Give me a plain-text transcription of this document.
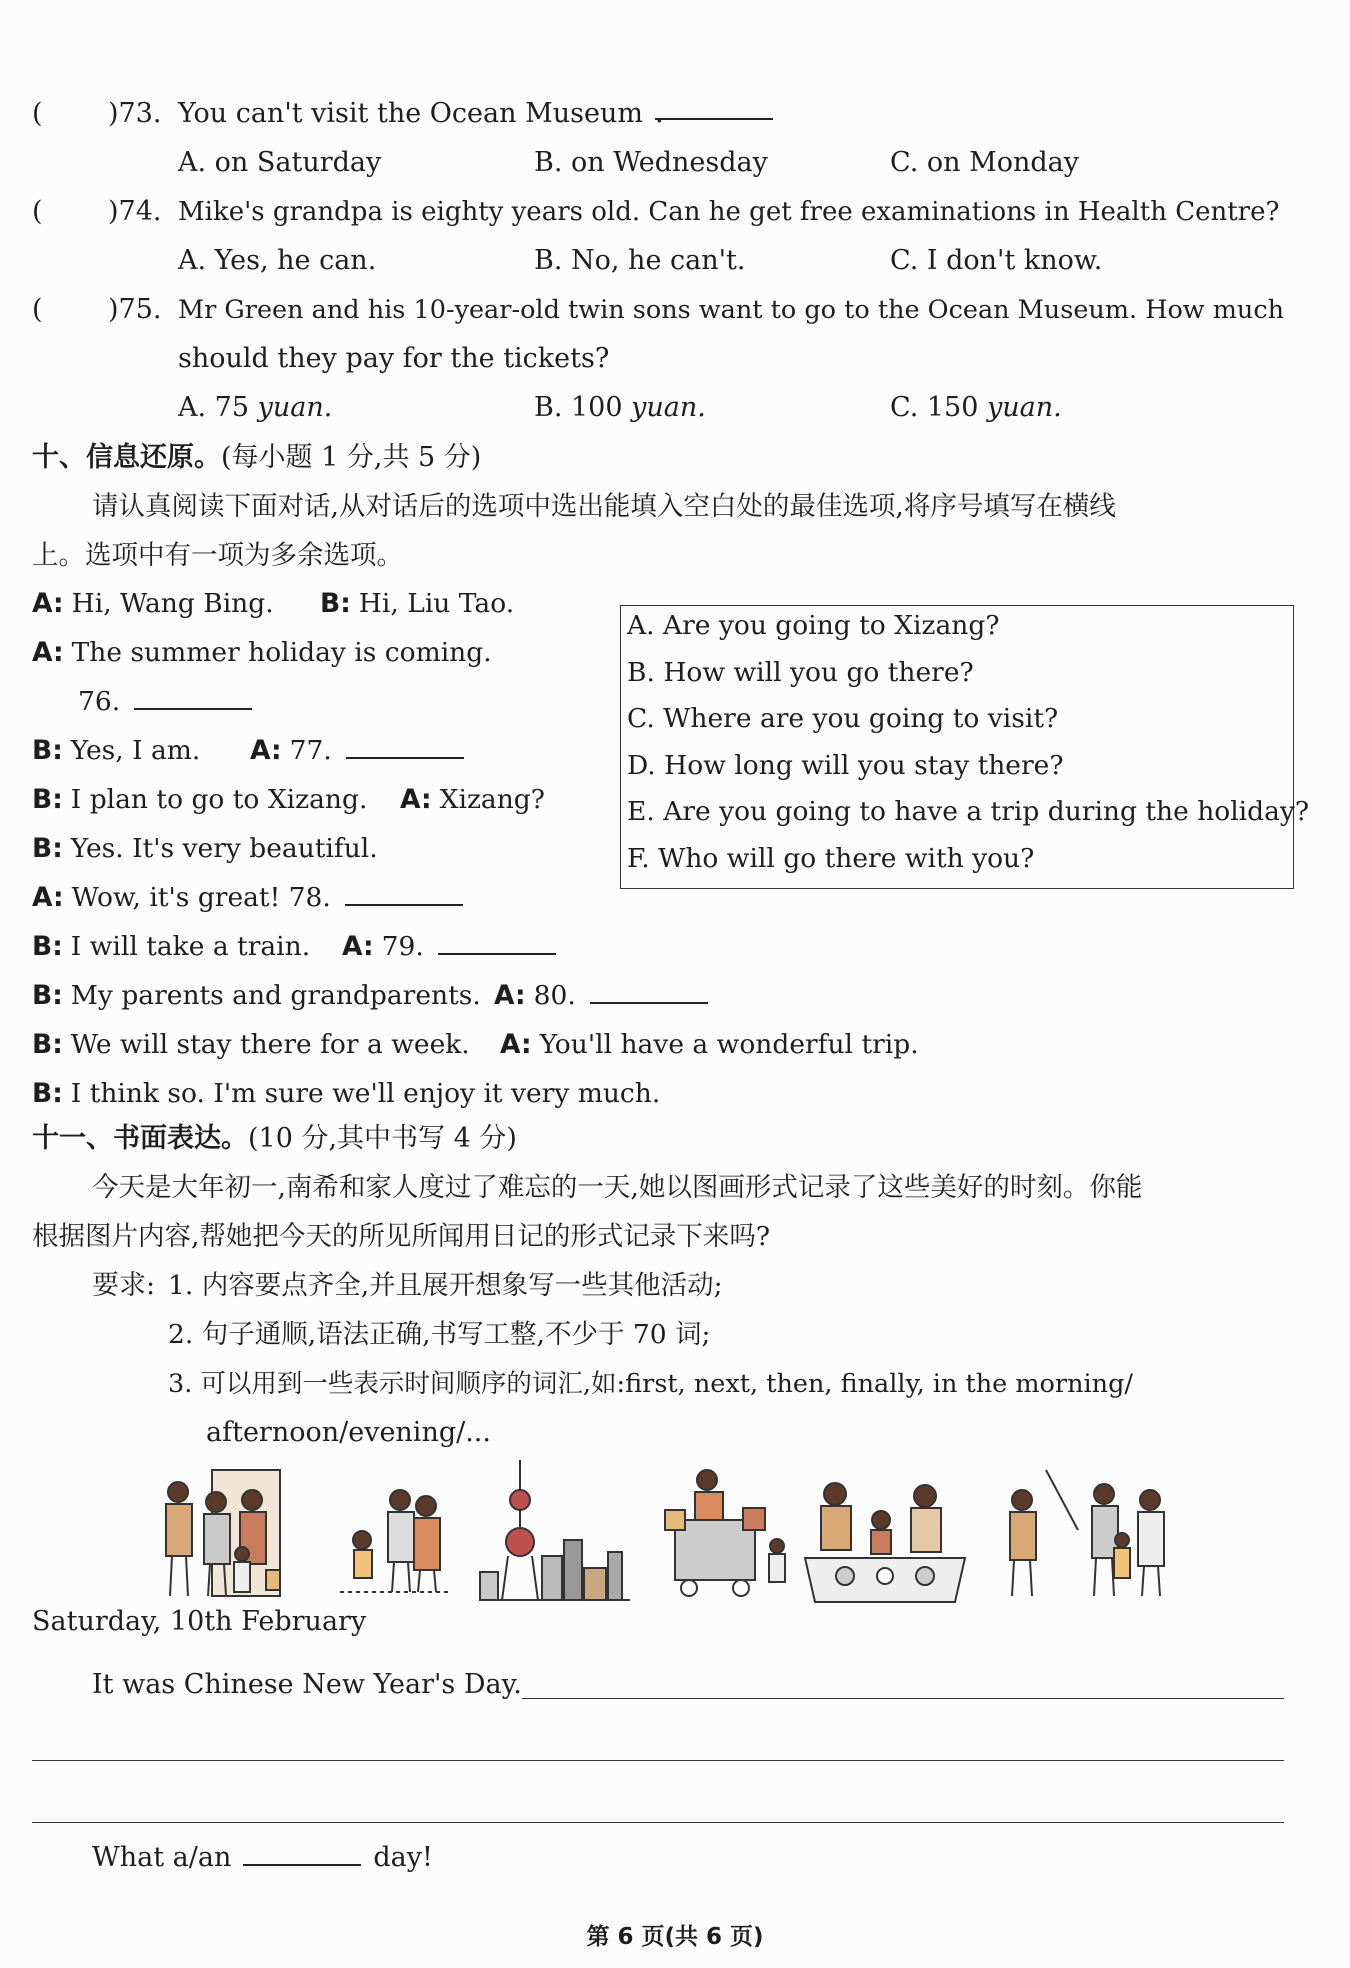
( )73. You can't visit the Ocean Museum.
A. on Saturday	B. on Wednesday	C. on Monday
( )74. Mike's grandpa is eighty years old. Can he get free examinations in Health Centre?
A. Yes, he can.	B. No, he can't.	C. I don't know.
( )75. Mr Green and his 10-year-old twin sons want to go to the Ocean Museum. How much
should they pay for the tickets?
A. 75 yuan.	B. 100 yuan.	C. 150 yuan.
十、信息还原。(每小题 1 分,共 5 分)
请认真阅读下面对话,从对话后的选项中选出能填入空白处的最佳选项,将序号填写在横线
上。选项中有一项为多余选项。
A: Hi, Wang Bing. B: Hi, Liu Tao.
A: The summer holiday is coming.
76.
B: Yes, I am. A: 77.
B: I plan to go to Xizang. A: Xizang?
B: Yes. It's very beautiful.
A: Wow, it's great! 78.
B: I will take a train. A: 79.
B: My parents and grandparents. A: 80.
B: We will stay there for a week. A: You'll have a wonderful trip.
B: I think so. I'm sure we'll enjoy it very much.
A. Are you going to Xizang?
B. How will you go there?
C. Where are you going to visit?
D. How long will you stay there?
E. Are you going to have a trip during the holiday?
F. Who will go there with you?
十一、书面表达。(10 分,其中书写 4 分)
今天是大年初一,南希和家人度过了难忘的一天,她以图画形式记录了这些美好的时刻。你能
根据图片内容,帮她把今天的所见所闻用日记的形式记录下来吗?
要求: 1. 内容要点齐全,并且展开想象写一些其他活动;
2. 句子通顺,语法正确,书写工整,不少于 70 词;
3. 可以用到一些表示时间顺序的词汇,如:first, next, then, finally, in the morning/
afternoon/evening/...
Saturday, 10th February
It was Chinese New Year's Day.
What a/an	day!
第 6 页(共 6 页)
